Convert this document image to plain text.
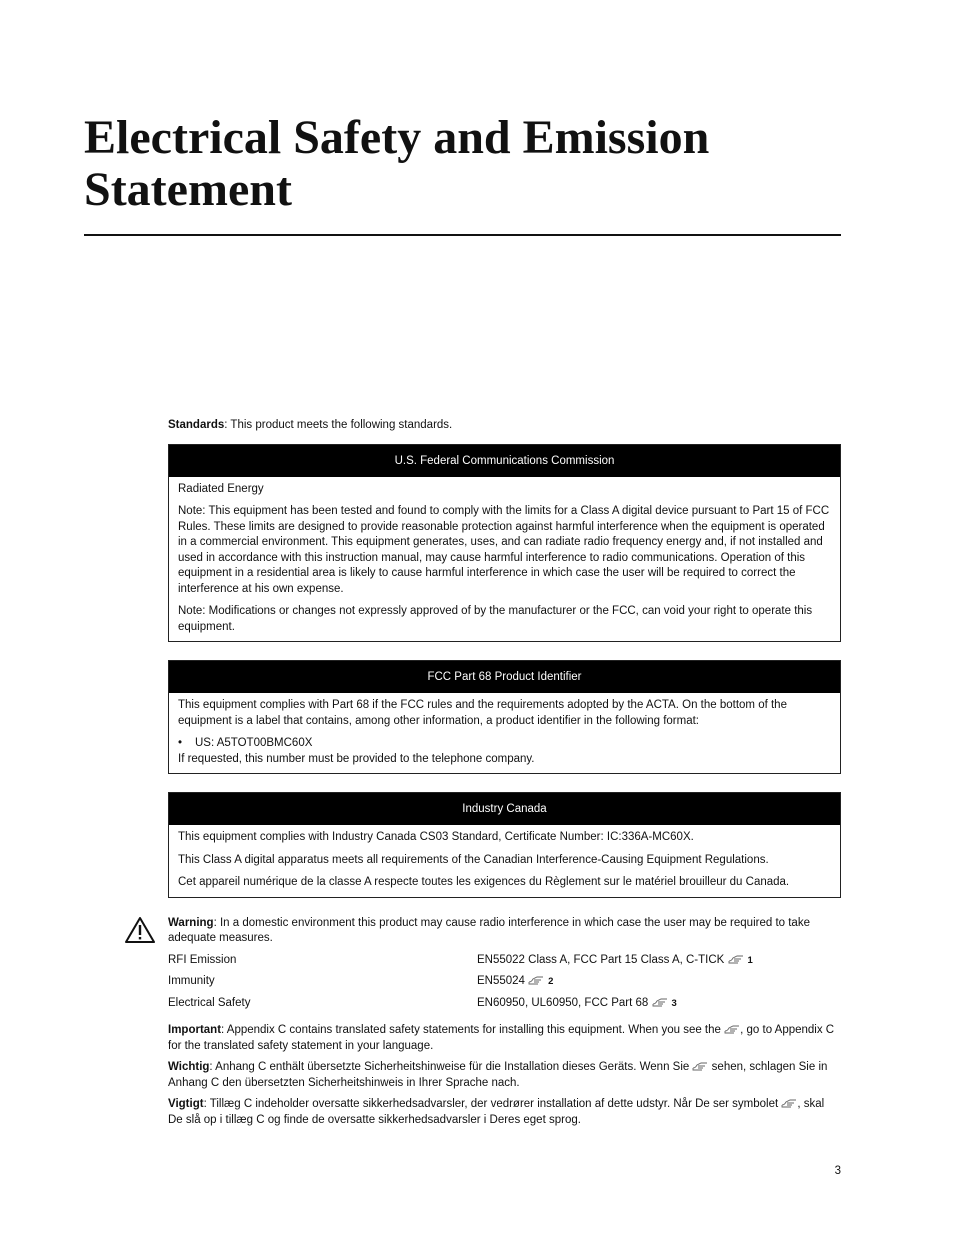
Electrical Safety and Emission Statement

Standards: This product meets the following standards.

U.S. Federal Communications Commission

Radiated Energy

Note: This equipment has been tested and found to comply with the limits for a Class A digital device pursuant to Part 15 of FCC Rules. These limits are designed to provide reasonable protection against harmful interference when the equipment is operated in a commercial environment. This equipment generates, uses, and can radiate radio frequency energy and, if not installed and used in accordance with this instruction manual, may cause harmful interference to radio communications. Operation of this equipment in a residential area is likely to cause harmful interference in which case the user will be required to correct the interference at his own expense.

Note: Modifications or changes not expressly approved of by the manufacturer or the FCC, can void your right to operate this equipment.

FCC Part 68 Product Identifier

This equipment complies with Part 68 if the FCC rules and the requirements adopted by the ACTA. On the bottom of the equipment is a label that contains, among other information, a product identifier in the following format:

•	US: A5TOT00BMC60X
If requested, this number must be provided to the telephone company.
Industry Canada

This equipment complies with Industry Canada CS03 Standard, Certificate Number: IC:336A-MC60X.

This Class A digital apparatus meets all requirements of the Canadian Interference-Causing Equipment Regulations.

Cet appareil numérique de la classe A respecte toutes les exigences du Règlement sur le matériel brouilleur du Canada.

Warning: In a domestic environment this product may cause radio interference in which case the user may be required to take adequate measures.

RFI Emission	EN55022 Class A, FCC Part 15 Class A, C-TICK 1
Immunity	EN55024 2
Electrical Safety	EN60950, UL60950, FCC Part 68 3

Important: Appendix C contains translated safety statements for installing this equipment. When you see the , go to Appendix C for the translated safety statement in your language.

Wichtig: Anhang C enthält übersetzte Sicherheitshinweise für die Installation dieses Geräts. Wenn Sie  sehen, schlagen Sie in Anhang C den übersetzten Sicherheitshinweis in Ihrer Sprache nach.

Vigtigt: Tillæg C indeholder oversatte sikkerhedsadvarsler, der vedrører installation af dette udstyr. Når De ser symbolet , skal De slå op i tillæg C og finde de oversatte sikkerhedsadvarsler i Deres eget sprog.

3
